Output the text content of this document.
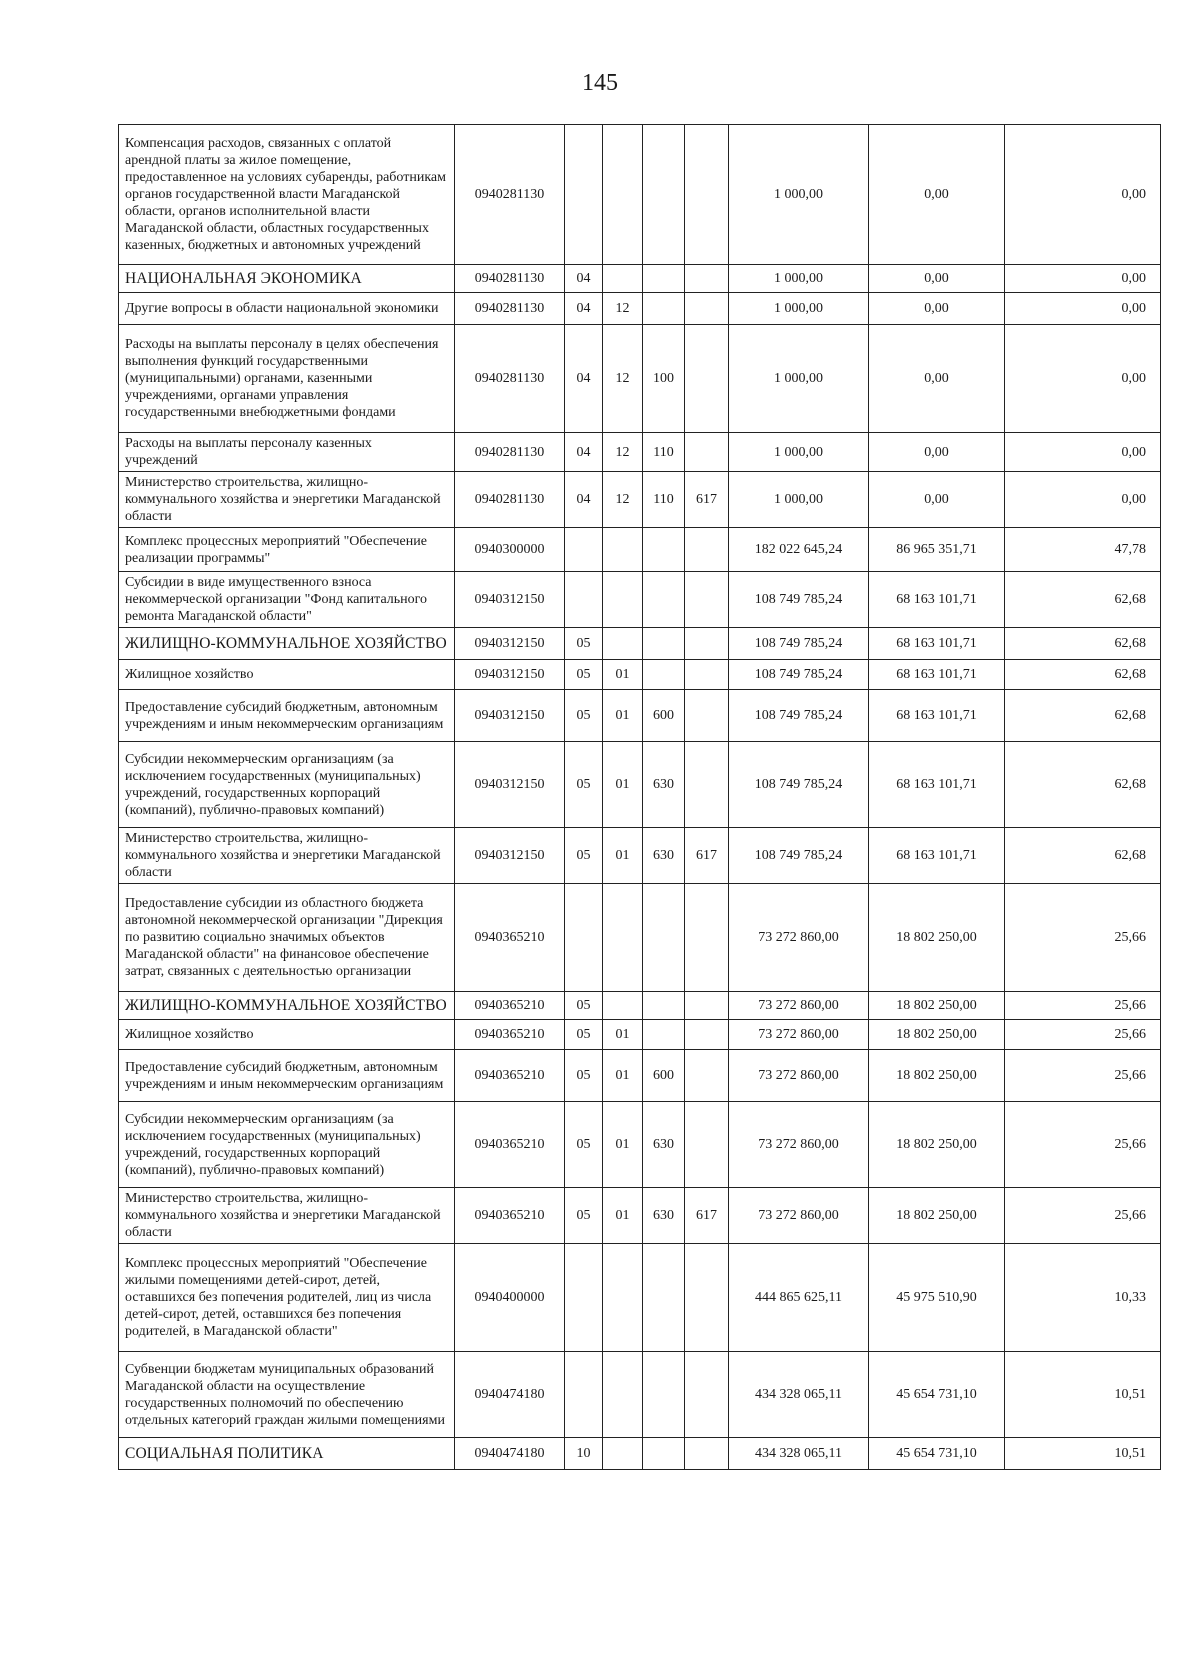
145
Компенсация расходов, связанных с оплатой арендной платы за жилое помещение, предоставленное на условиях субаренды, работникам органов государственной власти Магаданской области, органов исполнительной власти Магаданской области, областных государственных казенных, бюджетных и автономных учреждений	0940281130					1 000,00	0,00	0,00
НАЦИОНАЛЬНАЯ ЭКОНОМИКА	0940281130	04				1 000,00	0,00	0,00
Другие вопросы в области национальной экономики	0940281130	04	12			1 000,00	0,00	0,00
Расходы на выплаты персоналу в целях обеспечения выполнения функций государственными (муниципальными) органами, казенными учреждениями, органами управления государственными внебюджетными фондами	0940281130	04	12	100		1 000,00	0,00	0,00
Расходы на выплаты персоналу казенных учреждений	0940281130	04	12	110		1 000,00	0,00	0,00
Министерство строительства, жилищно-коммунального хозяйства и энергетики Магаданской области	0940281130	04	12	110	617	1 000,00	0,00	0,00
Комплекс процессных мероприятий "Обеспечение реализации программы"	0940300000					182 022 645,24	86 965 351,71	47,78
Субсидии в виде имущественного взноса некоммерческой организации "Фонд капитального ремонта Магаданской области"	0940312150					108 749 785,24	68 163 101,71	62,68
ЖИЛИЩНО-КОММУНАЛЬНОЕ ХОЗЯЙСТВО	0940312150	05				108 749 785,24	68 163 101,71	62,68
Жилищное хозяйство	0940312150	05	01			108 749 785,24	68 163 101,71	62,68
Предоставление субсидий бюджетным, автономным учреждениям и иным некоммерческим организациям	0940312150	05	01	600		108 749 785,24	68 163 101,71	62,68
Субсидии некоммерческим организациям (за исключением государственных (муниципальных) учреждений, государственных корпораций (компаний), публично-правовых компаний)	0940312150	05	01	630		108 749 785,24	68 163 101,71	62,68
Министерство строительства, жилищно-коммунального хозяйства и энергетики Магаданской области	0940312150	05	01	630	617	108 749 785,24	68 163 101,71	62,68
Предоставление субсидии из областного бюджета автономной некоммерческой организации "Дирекция по развитию социально значимых объектов Магаданской области" на финансовое обеспечение затрат, связанных с деятельностью организации	0940365210					73 272 860,00	18 802 250,00	25,66
ЖИЛИЩНО-КОММУНАЛЬНОЕ ХОЗЯЙСТВО	0940365210	05				73 272 860,00	18 802 250,00	25,66
Жилищное хозяйство	0940365210	05	01			73 272 860,00	18 802 250,00	25,66
Предоставление субсидий бюджетным, автономным учреждениям и иным некоммерческим организациям	0940365210	05	01	600		73 272 860,00	18 802 250,00	25,66
Субсидии некоммерческим организациям (за исключением государственных (муниципальных) учреждений, государственных корпораций (компаний), публично-правовых компаний)	0940365210	05	01	630		73 272 860,00	18 802 250,00	25,66
Министерство строительства, жилищно-коммунального хозяйства и энергетики Магаданской области	0940365210	05	01	630	617	73 272 860,00	18 802 250,00	25,66
Комплекс процессных мероприятий "Обеспечение жилыми помещениями детей-сирот, детей, оставшихся без попечения родителей, лиц из числа детей-сирот, детей, оставшихся без попечения родителей, в Магаданской области"	0940400000					444 865 625,11	45 975 510,90	10,33
Субвенции бюджетам муниципальных образований Магаданской области на осуществление государственных полномочий по обеспечению отдельных категорий граждан жилыми помещениями	0940474180					434 328 065,11	45 654 731,10	10,51
СОЦИАЛЬНАЯ ПОЛИТИКА	0940474180	10				434 328 065,11	45 654 731,10	10,51
